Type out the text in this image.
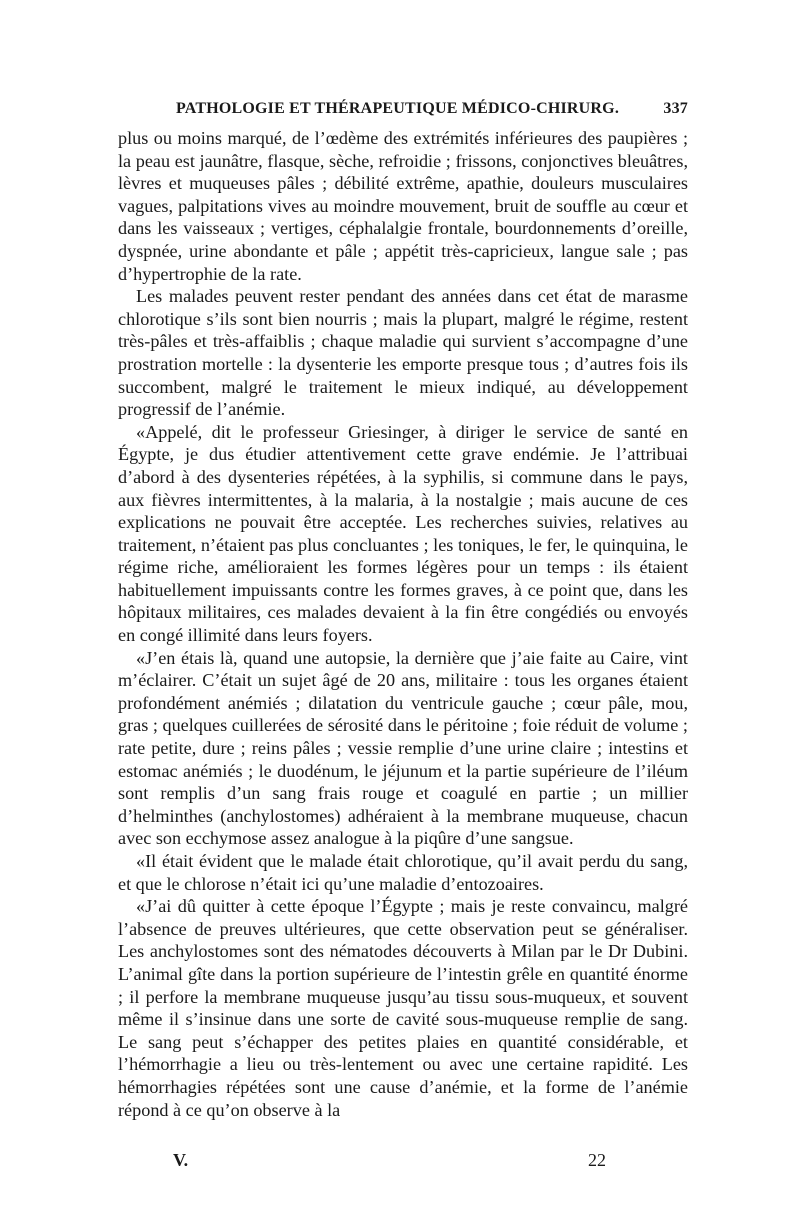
PATHOLOGIE ET THÉRAPEUTIQUE MÉDICO-CHIRURG.	337

plus ou moins marqué, de l’œdème des extrémités inférieures des paupières ; la peau est jaunâtre, flasque, sèche, refroidie ; frissons, conjonctives bleuâtres, lèvres et muqueuses pâles ; débilité extrême, apathie, douleurs musculaires vagues, palpitations vives au moindre mouvement, bruit de souffle au cœur et dans les vaisseaux ; vertiges, céphalalgie frontale, bourdonnements d’oreille, dyspnée, urine abondante et pâle ; appétit très-capricieux, langue sale ; pas d’hypertrophie de la rate.

Les malades peuvent rester pendant des années dans cet état de marasme chlorotique s’ils sont bien nourris ; mais la plupart, malgré le régime, restent très-pâles et très-affaiblis ; chaque maladie qui survient s’accompagne d’une prostration mortelle : la dysenterie les emporte presque tous ; d’autres fois ils succombent, malgré le traitement le mieux indiqué, au développement progressif de l’anémie.

«Appelé, dit le professeur Griesinger, à diriger le service de santé en Égypte, je dus étudier attentivement cette grave endémie. Je l’attribuai d’abord à des dysenteries répétées, à la syphilis, si commune dans le pays, aux fièvres intermittentes, à la malaria, à la nostalgie ; mais aucune de ces explications ne pouvait être acceptée. Les recherches suivies, relatives au traitement, n’étaient pas plus concluantes ; les toniques, le fer, le quinquina, le régime riche, amélioraient les formes légères pour un temps : ils étaient habituellement impuissants contre les formes graves, à ce point que, dans les hôpitaux militaires, ces malades devaient à la fin être congédiés ou envoyés en congé illimité dans leurs foyers.

«J’en étais là, quand une autopsie, la dernière que j’aie faite au Caire, vint m’éclairer. C’était un sujet âgé de 20 ans, militaire : tous les organes étaient profondément anémiés ; dilatation du ventricule gauche ; cœur pâle, mou, gras ; quelques cuillerées de sérosité dans le péritoine ; foie réduit de volume ; rate petite, dure ; reins pâles ; vessie remplie d’une urine claire ; intestins et estomac anémiés ; le duodénum, le jéjunum et la partie supérieure de l’iléum sont remplis d’un sang frais rouge et coagulé en partie ; un millier d’helminthes (anchylostomes) adhéraient à la membrane muqueuse, chacun avec son ecchymose assez analogue à la piqûre d’une sangsue.

«Il était évident que le malade était chlorotique, qu’il avait perdu du sang, et que le chlorose n’était ici qu’une maladie d’entozoaires.

«J’ai dû quitter à cette époque l’Égypte ; mais je reste convaincu, malgré l’absence de preuves ultérieures, que cette observation peut se généraliser. Les anchylostomes sont des nématodes découverts à Milan par le Dr Dubini. L’animal gîte dans la portion supérieure de l’intestin grêle en quantité énorme ; il perfore la membrane muqueuse jusqu’au tissu sous-muqueux, et souvent même il s’insinue dans une sorte de cavité sous-muqueuse remplie de sang. Le sang peut s’échapper des petites plaies en quantité considérable, et l’hémorrhagie a lieu ou très-lentement ou avec une certaine rapidité. Les hémorrhagies répétées sont une cause d’anémie, et la forme de l’anémie répond à ce qu’on observe à la

V.	22
